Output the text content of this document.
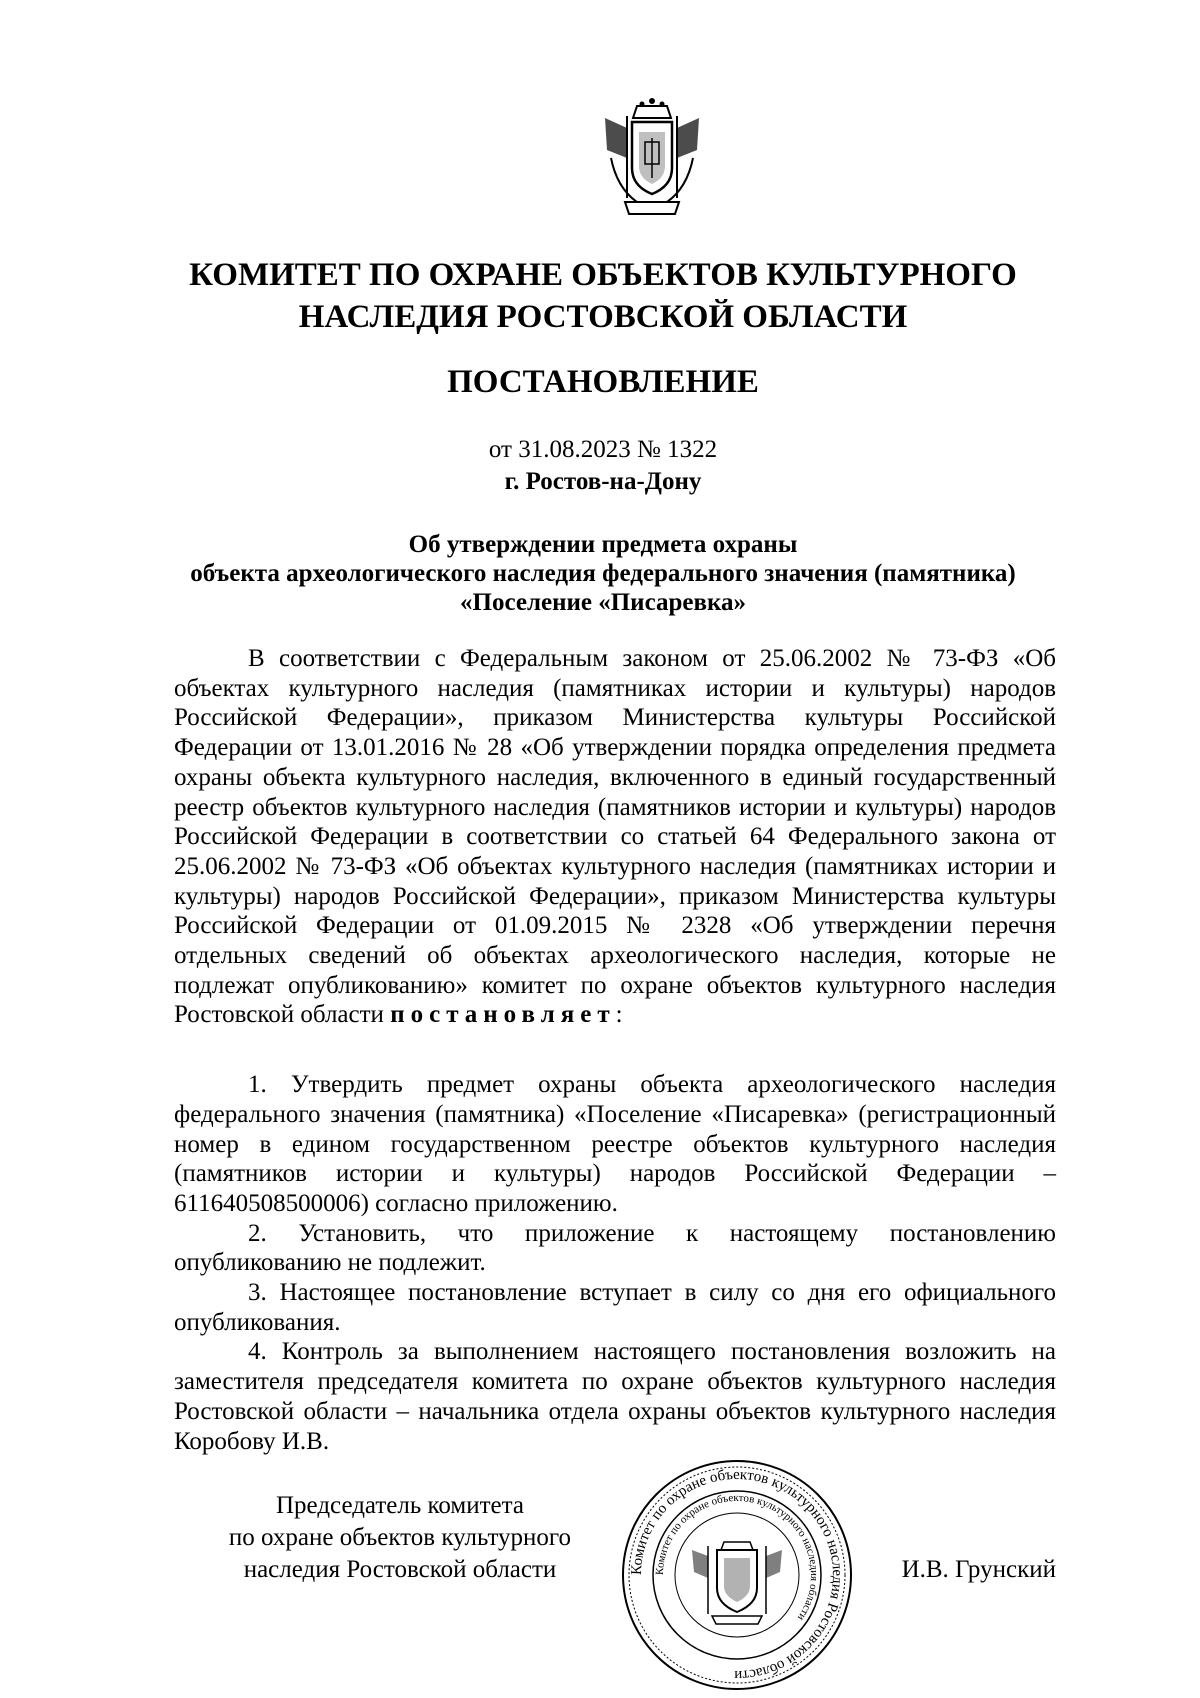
КОМИТЕТ ПО ОХРАНЕ ОБЪЕКТОВ КУЛЬТУРНОГО
НАСЛЕДИЯ РОСТОВСКОЙ ОБЛАСТИ
ПОСТАНОВЛЕНИЕ
от 31.08.2023 № 1322
г. Ростов-на-Дону
Об утверждении предмета охраны
объекта археологического наследия федерального значения (памятника)
«Поселение «Писаревка»

В соответствии с Федеральным законом от 25.06.2002 № 73-ФЗ «Об объектах культурного наследия (памятниках истории и культуры) народов Российской Федерации», приказом Министерства культуры Российской Федерации от 13.01.2016 № 28 «Об утверждении порядка определения предмета охраны объекта культурного наследия, включенного в единый государственный реестр объектов культурного наследия (памятников истории и культуры) народов Российской Федерации в соответствии со статьей 64 Федерального закона от 25.06.2002 № 73-ФЗ «Об объектах культурного наследия (памятниках истории и культуры) народов Российской Федерации», приказом Министерства культуры Российской Федерации от 01.09.2015 № 2328 «Об утверждении перечня отдельных сведений об объектах археологического наследия, которые не подлежат опубликованию» комитет по охране объектов культурного наследия Ростовской области постановляет:

1. Утвердить предмет охраны объекта археологического наследия федерального значения (памятника) «Поселение «Писаревка» (регистрационный номер в едином государственном реестре объектов культурного наследия (памятников истории и культуры) народов Российской Федерации – 611640508500006) согласно приложению.

2. Установить, что приложение к настоящему постановлению опубликованию не подлежит.

3. Настоящее постановление вступает в силу со дня его официального опубликования.

4. Контроль за выполнением настоящего постановления возложить на заместителя председателя комитета по охране объектов культурного наследия Ростовской области – начальника отдела охраны объектов культурного наследия Коробову И.В.

Председатель комитета
по охране объектов культурного
наследия Ростовской области	Комитет по охране объектов культурного наследия Ростовской области
Комитет по охране объектов культурного наследия области
И.В. Грунский
